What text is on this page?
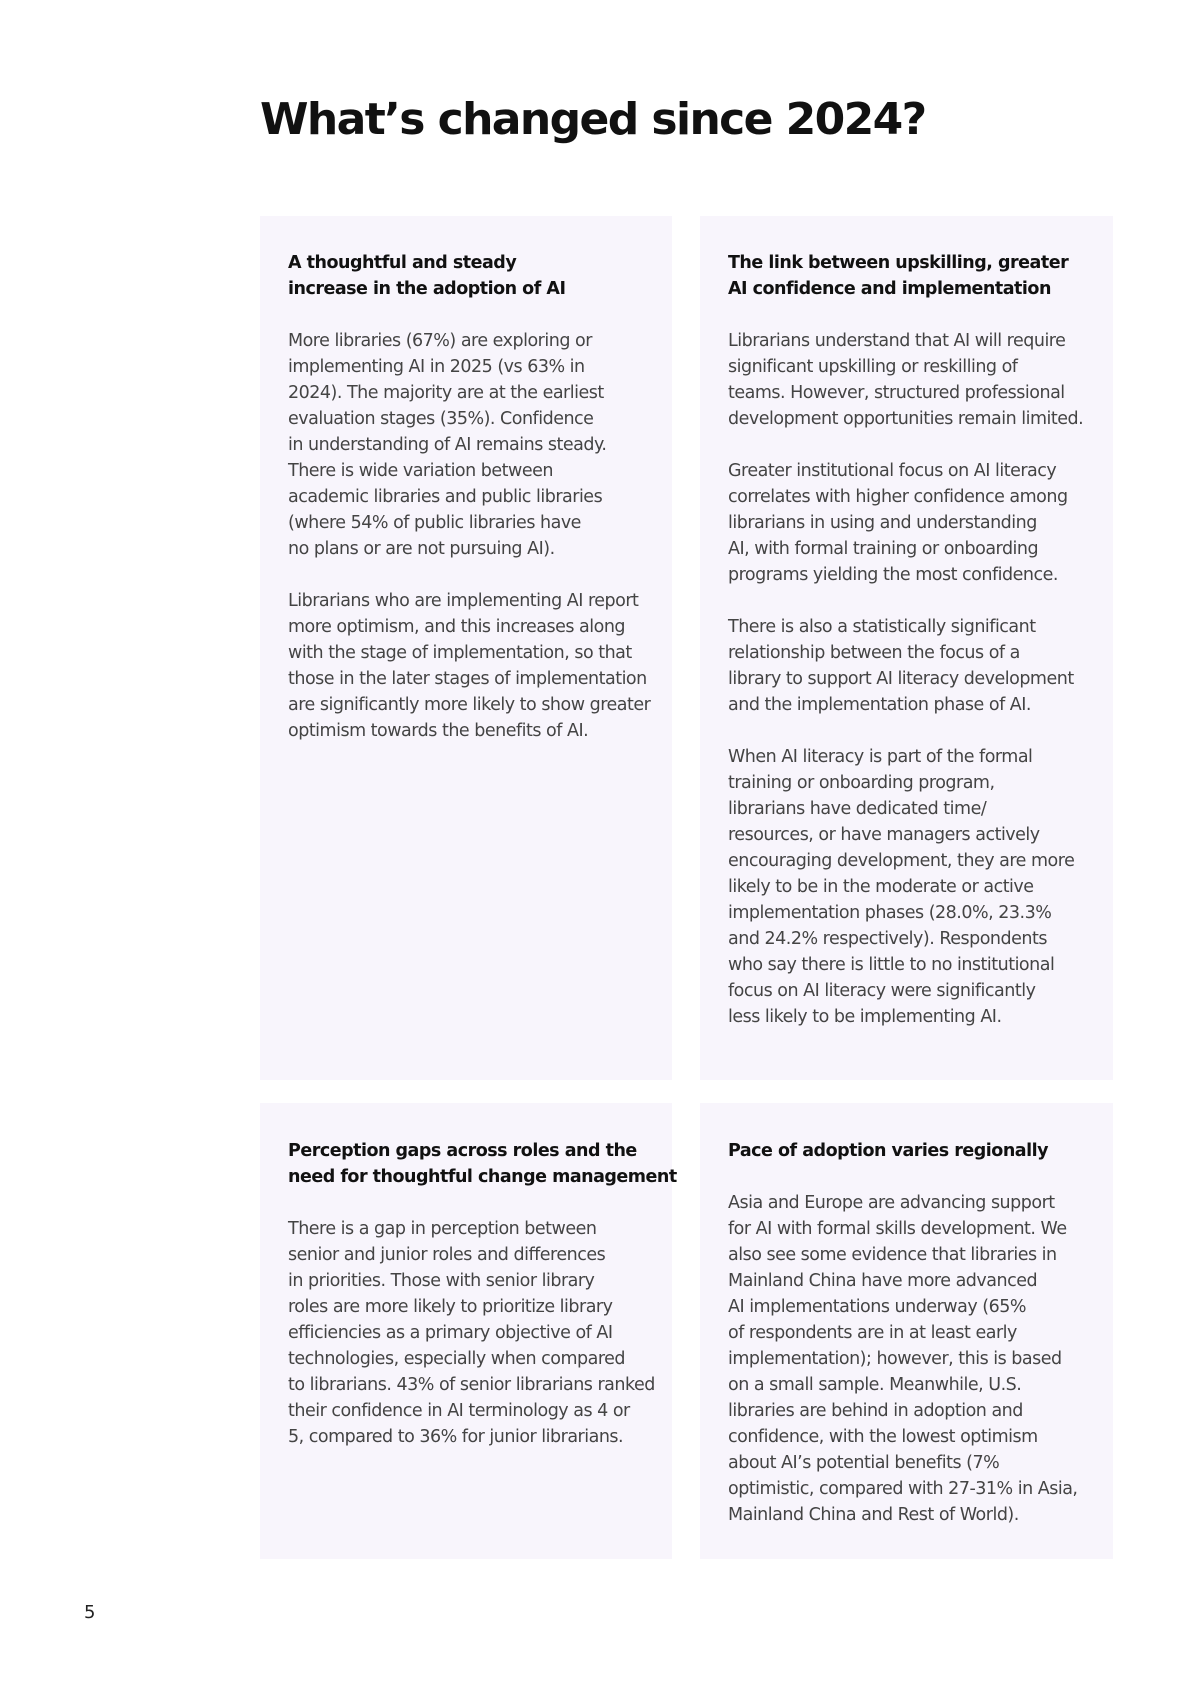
What’s changed since 2024?
A thoughtful and steady
increase in the adoption of AI

More libraries (67%) are exploring or
implementing AI in 2025 (vs 63% in
2024). The majority are at the earliest
evaluation stages (35%). Confidence
in understanding of AI remains steady.
There is wide variation between
academic libraries and public libraries
(where 54% of public libraries have
no plans or are not pursuing AI).

Librarians who are implementing AI report
more optimism, and this increases along
with the stage of implementation, so that
those in the later stages of implementation
are significantly more likely to show greater
optimism towards the benefits of AI.

The link between upskilling, greater
AI confidence and implementation

Librarians understand that AI will require
significant upskilling or reskilling of
teams. However, structured professional
development opportunities remain limited.

Greater institutional focus on AI literacy
correlates with higher confidence among
librarians in using and understanding
AI, with formal training or onboarding
programs yielding the most confidence.

There is also a statistically significant
relationship between the focus of a
library to support AI literacy development
and the implementation phase of AI.

When AI literacy is part of the formal
training or onboarding program,
librarians have dedicated time/
resources, or have managers actively
encouraging development, they are more
likely to be in the moderate or active
implementation phases (28.0%, 23.3%
and 24.2% respectively). Respondents
who say there is little to no institutional
focus on AI literacy were significantly
less likely to be implementing AI.

Perception gaps across roles and the
need for thoughtful change management

There is a gap in perception between
senior and junior roles and differences
in priorities. Those with senior library
roles are more likely to prioritize library
efficiencies as a primary objective of AI
technologies, especially when compared
to librarians. 43% of senior librarians ranked
their confidence in AI terminology as 4 or
5, compared to 36% for junior librarians.

Pace of adoption varies regionally

Asia and Europe are advancing support
for AI with formal skills development. We
also see some evidence that libraries in
Mainland China have more advanced
AI implementations underway (65%
of respondents are in at least early
implementation); however, this is based
on a small sample. Meanwhile, U.S.
libraries are behind in adoption and
confidence, with the lowest optimism
about AI’s potential benefits (7%
optimistic, compared with 27-31% in Asia,
Mainland China and Rest of World).

5
